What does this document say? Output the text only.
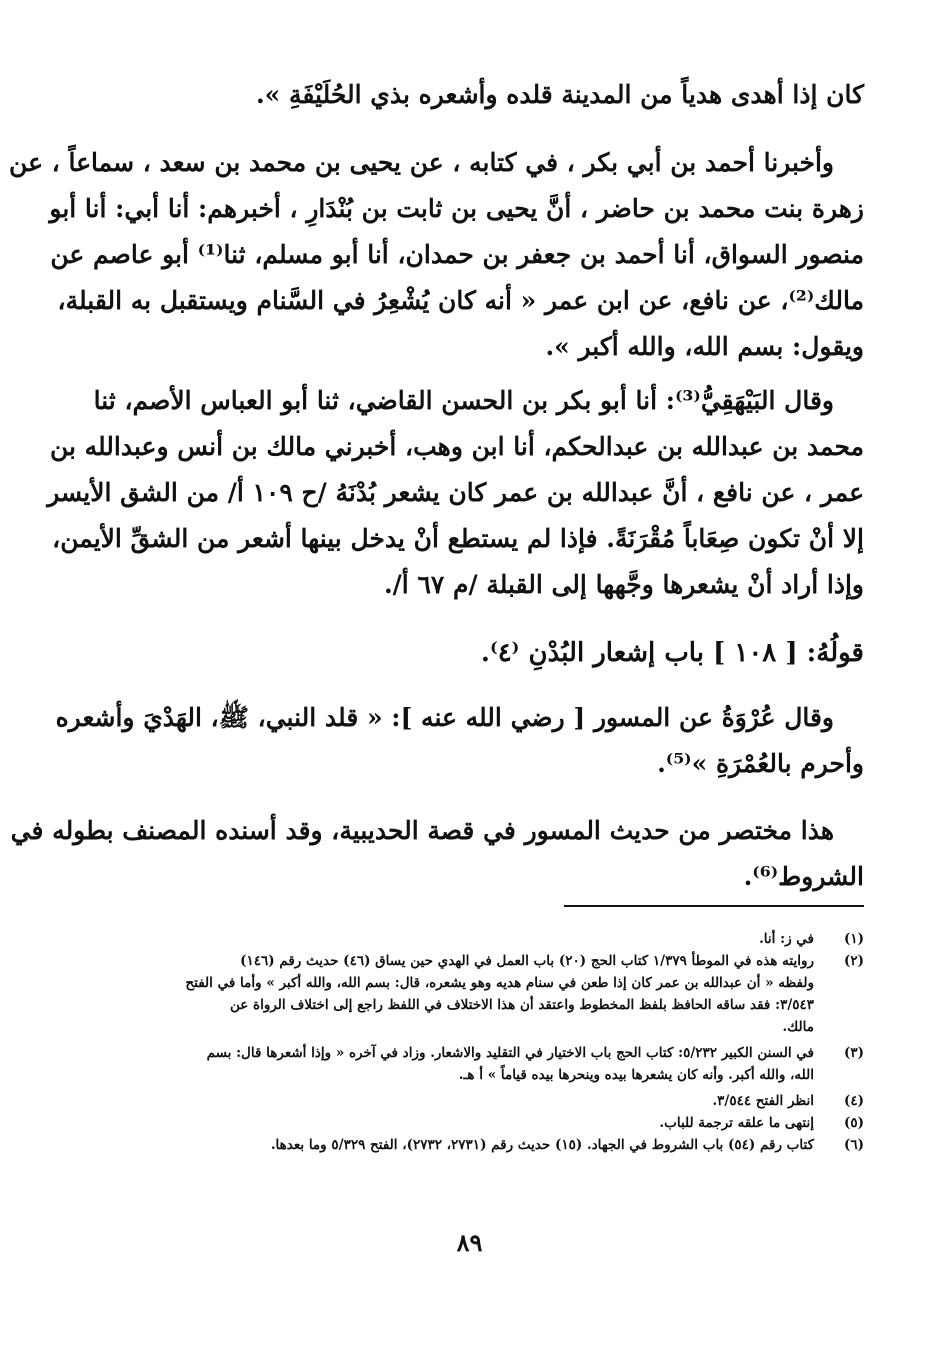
كان إذا أهدى هدياً من المدينة قلده وأشعره بذي الحُلَيْفَةِ ».
وأخبرنا أحمد بن أبي بكر ، في كتابه ، عن يحيى بن محمد بن سعد ، سماعاً ، عن
زهرة بنت محمد بن حاضر ، أنَّ يحيى بن ثابت بن بُنْدَارِ ، أخبرهم: أنا أبي: أنا أبو
منصور السواق، أنا أحمد بن جعفر بن حمدان، أنا أبو مسلم، ثنا⁽¹⁾ أبو عاصم عن
مالك⁽²⁾، عن نافع، عن ابن عمر « أنه كان يُشْعِرُ في السَّنام ويستقبل به القبلة،
ويقول: بسم الله، والله أكبر ».
وقال البَيْهَقِيُّ⁽³⁾: أنا أبو بكر بن الحسن القاضي، ثنا أبو العباس الأصم، ثنا
محمد بن عبدالله بن عبدالحكم، أنا ابن وهب، أخبرني مالك بن أنس وعبدالله بن
عمر ، عن نافع ، أنَّ عبدالله بن عمر كان يشعر بُدْنَهُ /ح ١٠٩ أ/ من الشق الأيسر
إلا أنْ تكون صِعَاباً مُقْرَنَةً. فإذا لم يستطع أنْ يدخل بينها أشعر من الشقِّ الأيمن،
وإذا أراد أنْ يشعرها وجَّهها إلى القبلة /م ٦٧ أ/.
قولُهُ: [ ١٠٨ ] باب إشعار البُدْنِ ⁽٤⁾.
وقال عُرْوَةُ عن المسور [ رضي الله عنه ]: « قلد النبي، ﷺ، الهَدْيَ وأشعره
وأحرم بالعُمْرَةِ »⁽⁵⁾.
هذا مختصر من حديث المسور في قصة الحديبية، وقد أسنده المصنف بطوله في
الشروط⁽⁶⁾.
(١)
في ز: أنا.
(٢)
روايته هذه في الموطأ ١/٣٧٩ كتاب الحج (٢٠) باب العمل في الهدي حين يساق (٤٦) حديث رقم (١٤٦)
ولفظه « أن عبدالله بن عمر كان إذا طعن في سنام هديه وهو يشعره، قال: بسم الله، والله أكبر » وأما في الفتح
٣/٥٤٣: فقد ساقه الحافظ بلفظ المخطوط واعتقد أن هذا الاختلاف في اللفظ راجع إلى اختلاف الرواة عن
مالك.
(٣)
في السنن الكبير ٥/٢٣٢: كتاب الحج باب الاختيار في التقليد والاشعار. وزاد في آخره « وإذا أشعرها قال: بسم
الله، والله أكبر. وأنه كان يشعرها بيده وينحرها بيده قياماً » أ هـ.
(٤)
انظر الفتح ٣/٥٤٤.
(٥)
إنتهى ما علقه ترجمة للباب.
(٦)
كتاب رقم (٥٤) باب الشروط في الجهاد. (١٥) حديث رقم (٢٧٣١، ٢٧٣٢)، الفتح ٥/٣٢٩ وما بعدها.
٨٩
